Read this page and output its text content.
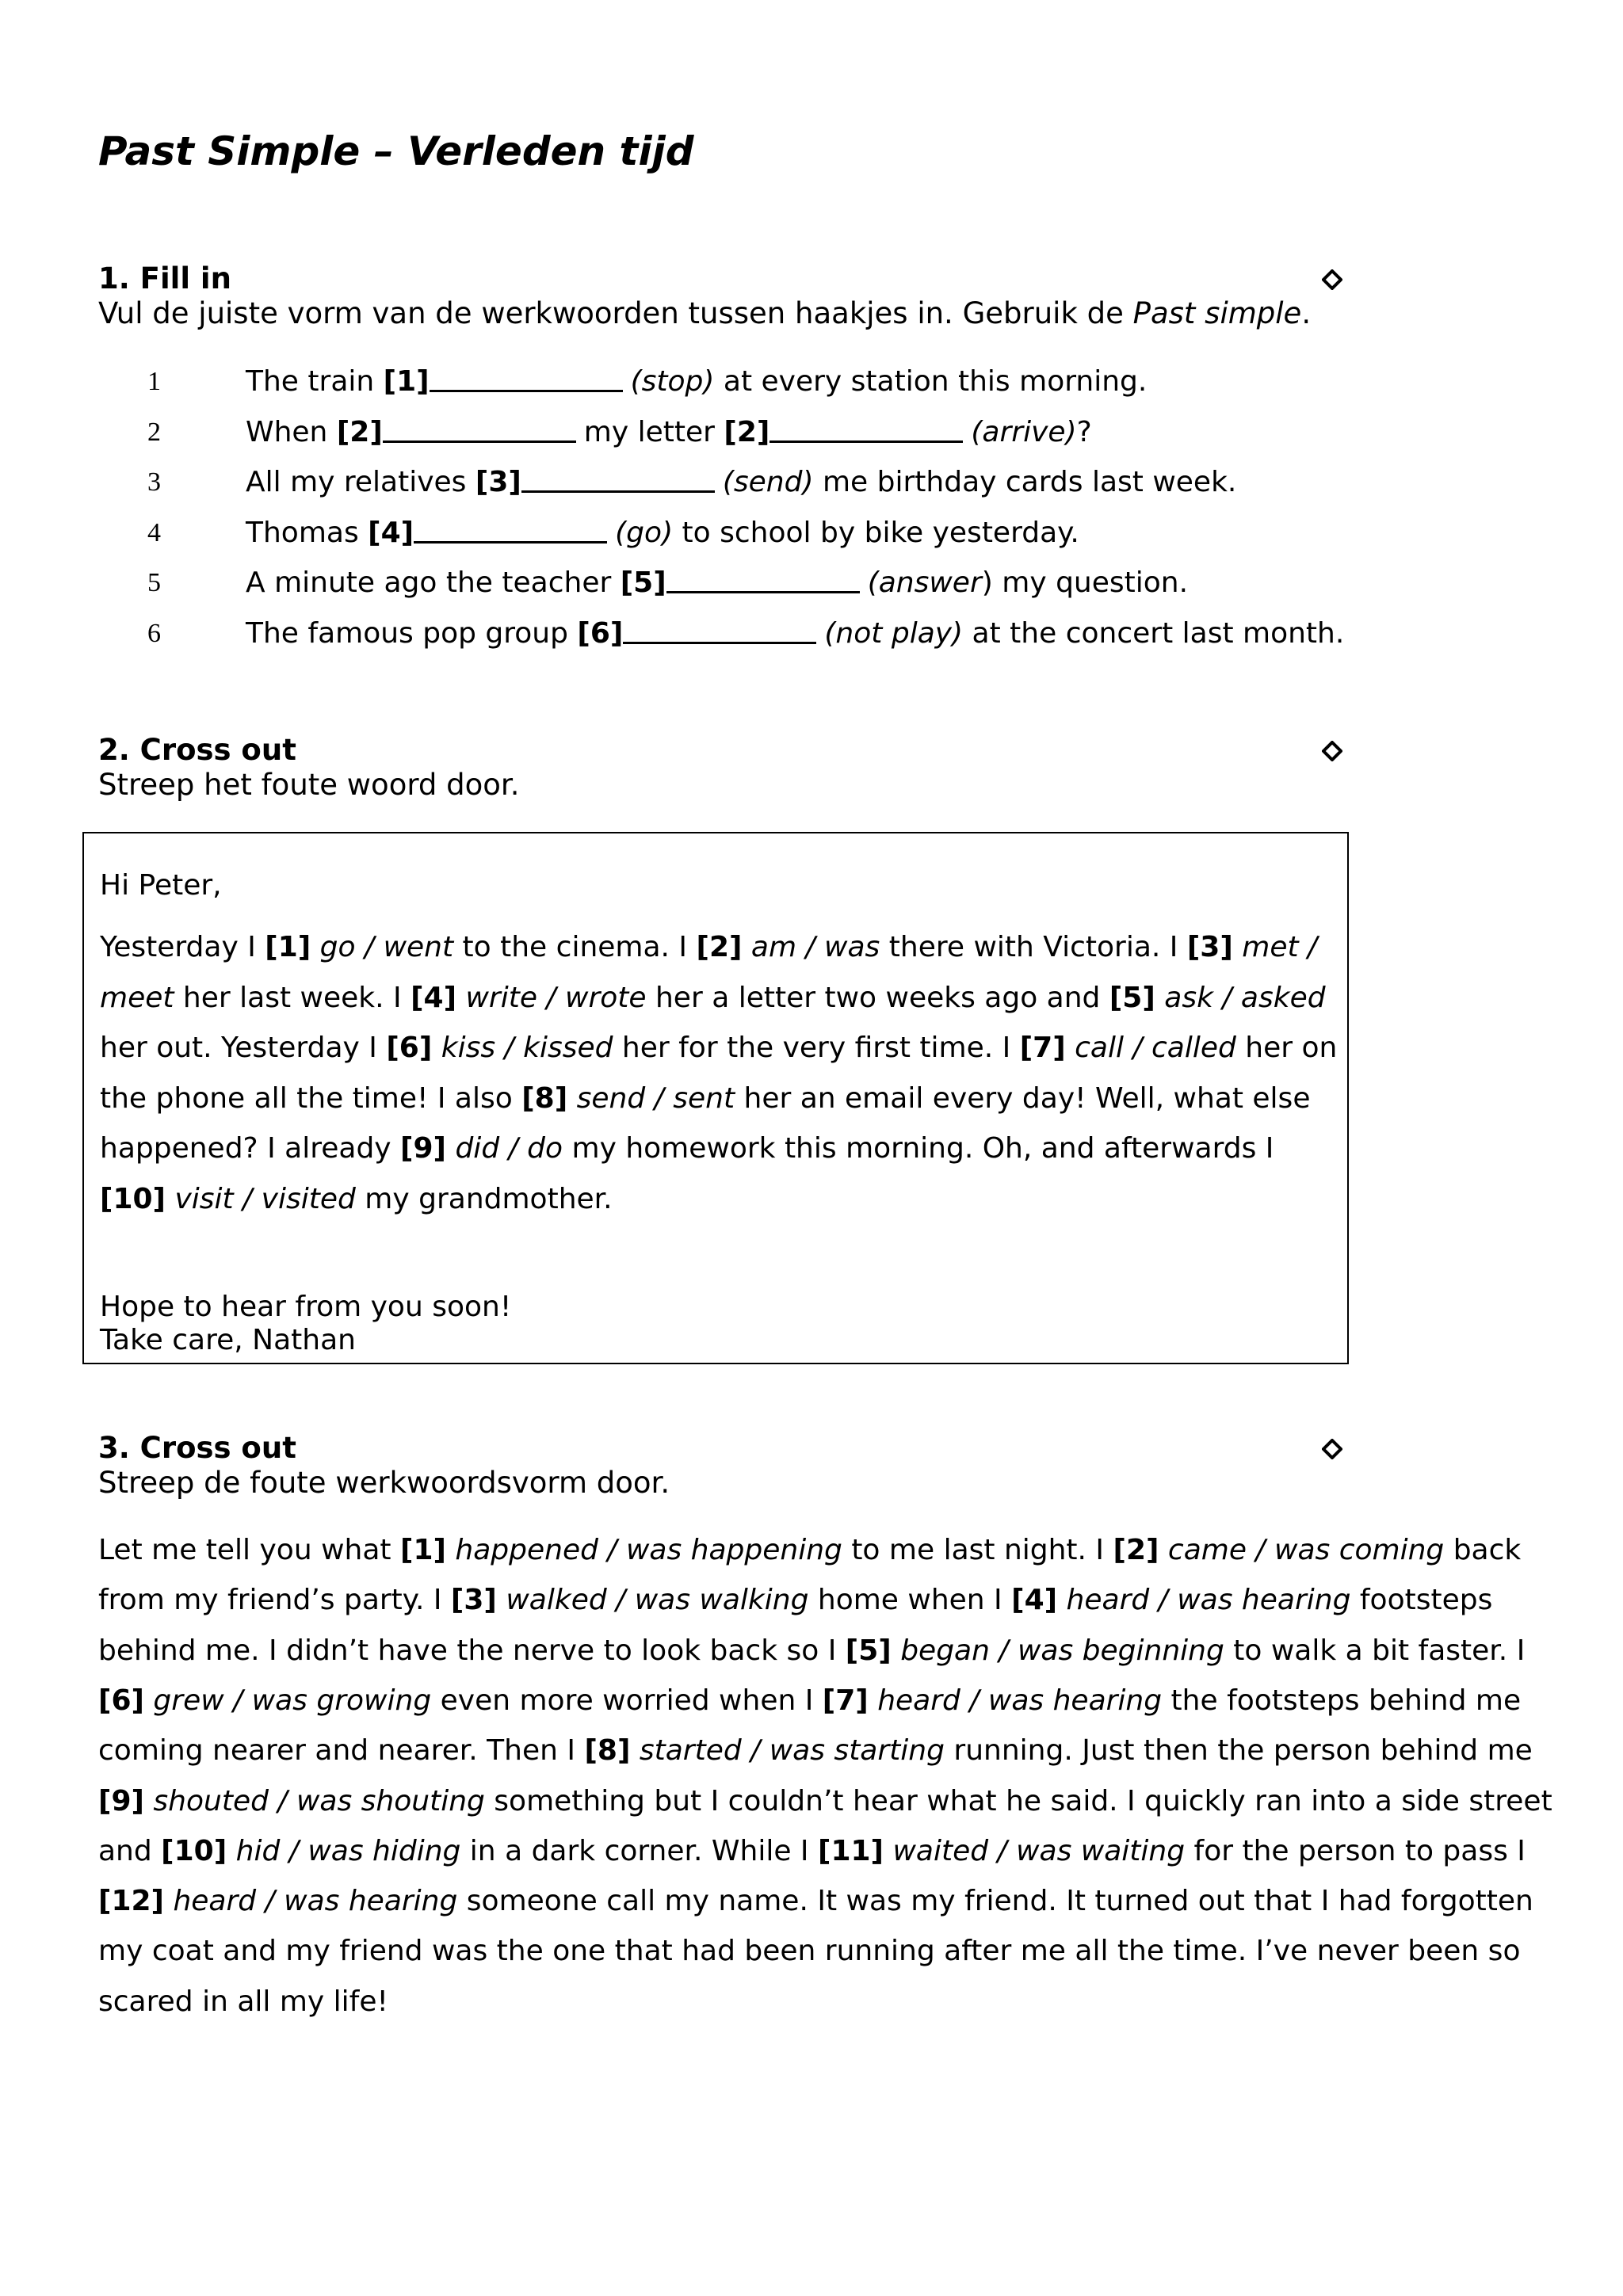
Past Simple – Verleden tijd
1. Fill in
Vul de juiste vorm van de werkwoorden tussen haakjes in. Gebruik de Past simple.
1	The train [1]	(stop) at every station this morning.
2	When [2]	my letter [2]	(arrive)?
3	All my relatives [3]	(send) me birthday cards last week.
4	Thomas [4]	(go) to school by bike yesterday.
5	A minute ago the teacher [5]	(answer) my question.
6	The famous pop group [6]	(not play) at the concert last month.
2. Cross out
Streep het foute woord door.
Hi Peter,
Hope to hear from you soon!
Take care, Nathan
Yesterday I [1] go / went to the cinema. I [2] am / was there with Victoria. I [3] met /
meet her last week. I [4] write / wrote her a letter two weeks ago and [5] ask / asked
her out. Yesterday I [6] kiss / kissed her for the very first time. I [7] call / called her on
the phone all the time! I also [8] send / sent her an email every day! Well, what else
happened? I already [9] did / do my homework this morning. Oh, and afterwards I
[10] visit / visited my grandmother.
3. Cross out
Streep de foute werkwoordsvorm door.
Let me tell you what [1] happened / was happening to me last night. I [2] came / was coming back
from my friend’s party. I [3] walked / was walking home when I [4] heard / was hearing footsteps
behind me. I didn’t have the nerve to look back so I [5] began / was beginning to walk a bit faster. I
[6] grew / was growing even more worried when I [7] heard / was hearing the footsteps behind me
coming nearer and nearer. Then I [8] started / was starting running. Just then the person behind me
[9] shouted / was shouting something but I couldn’t hear what he said. I quickly ran into a side street
and [10] hid / was hiding in a dark corner. While I [11] waited / was waiting for the person to pass I
[12] heard / was hearing someone call my name. It was my friend. It turned out that I had forgotten
my coat and my friend was the one that had been running after me all the time. I’ve never been so
scared in all my life!
